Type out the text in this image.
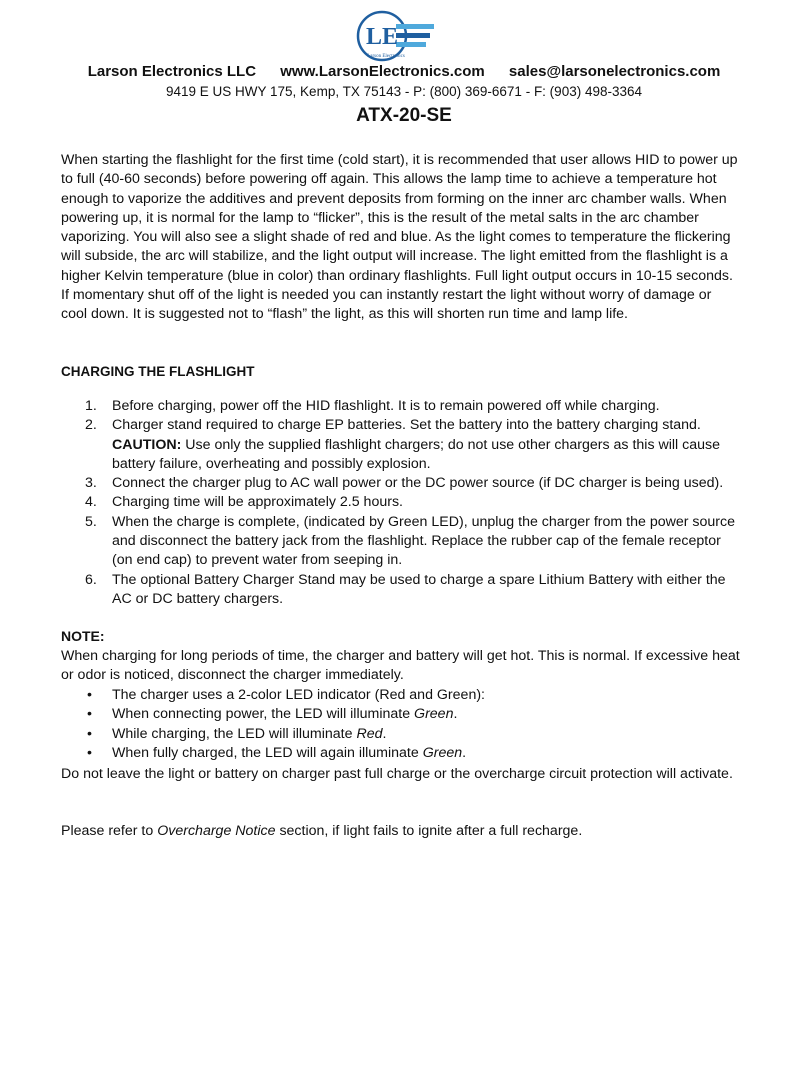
LE
Larson Electronics
Larson Electronics LLC www.LarsonElectronics.com sales@larsonelectronics.com
9419 E US HWY 175, Kemp, TX 75143 - P: (800) 369-6671 - F: (903) 498-3364
ATX-20-SE

When starting the flashlight for the first time (cold start), it is recommended that user allows HID to power up to full (40-60 seconds) before powering off again. This allows the lamp time to achieve a temperature hot enough to vaporize the additives and prevent deposits from forming on the inner arc chamber walls. When powering up, it is normal for the lamp to “flicker”, this is the result of the metal salts in the arc chamber vaporizing. You will also see a slight shade of red and blue. As the light comes to temperature the flickering will subside, the arc will stabilize, and the light output will increase. The light emitted from the flashlight is a higher Kelvin temperature (blue in color) than ordinary flashlights. Full light output occurs in 10-15 seconds. If momentary shut off of the light is needed you can instantly restart the light without worry of damage or cool down. It is suggested not to “flash” the light, as this will shorten run time and lamp life.

CHARGING THE FLASHLIGHT
1. Before charging, power off the HID flashlight. It is to remain powered off while charging.
2. Charger stand required to charge EP batteries. Set the battery into the battery charging stand. CAUTION: Use only the supplied flashlight chargers; do not use other chargers as this will cause battery failure, overheating and possibly explosion.
3. Connect the charger plug to AC wall power or the DC power source (if DC charger is being used).
4. Charging time will be approximately 2.5 hours.
5. When the charge is complete, (indicated by Green LED), unplug the charger from the power source and disconnect the battery jack from the flashlight. Replace the rubber cap of the female receptor (on end cap) to prevent water from seeping in.
6. The optional Battery Charger Stand may be used to charge a spare Lithium Battery with either the AC or DC battery chargers.
NOTE:

When charging for long periods of time, the charger and battery will get hot. This is normal. If excessive heat or odor is noticed, disconnect the charger immediately.

• The charger uses a 2-color LED indicator (Red and Green):
• When connecting power, the LED will illuminate Green.
• While charging, the LED will illuminate Red.
• When fully charged, the LED will again illuminate Green.

Do not leave the light or battery on charger past full charge or the overcharge circuit protection will activate.

Please refer to Overcharge Notice section, if light fails to ignite after a full recharge.
